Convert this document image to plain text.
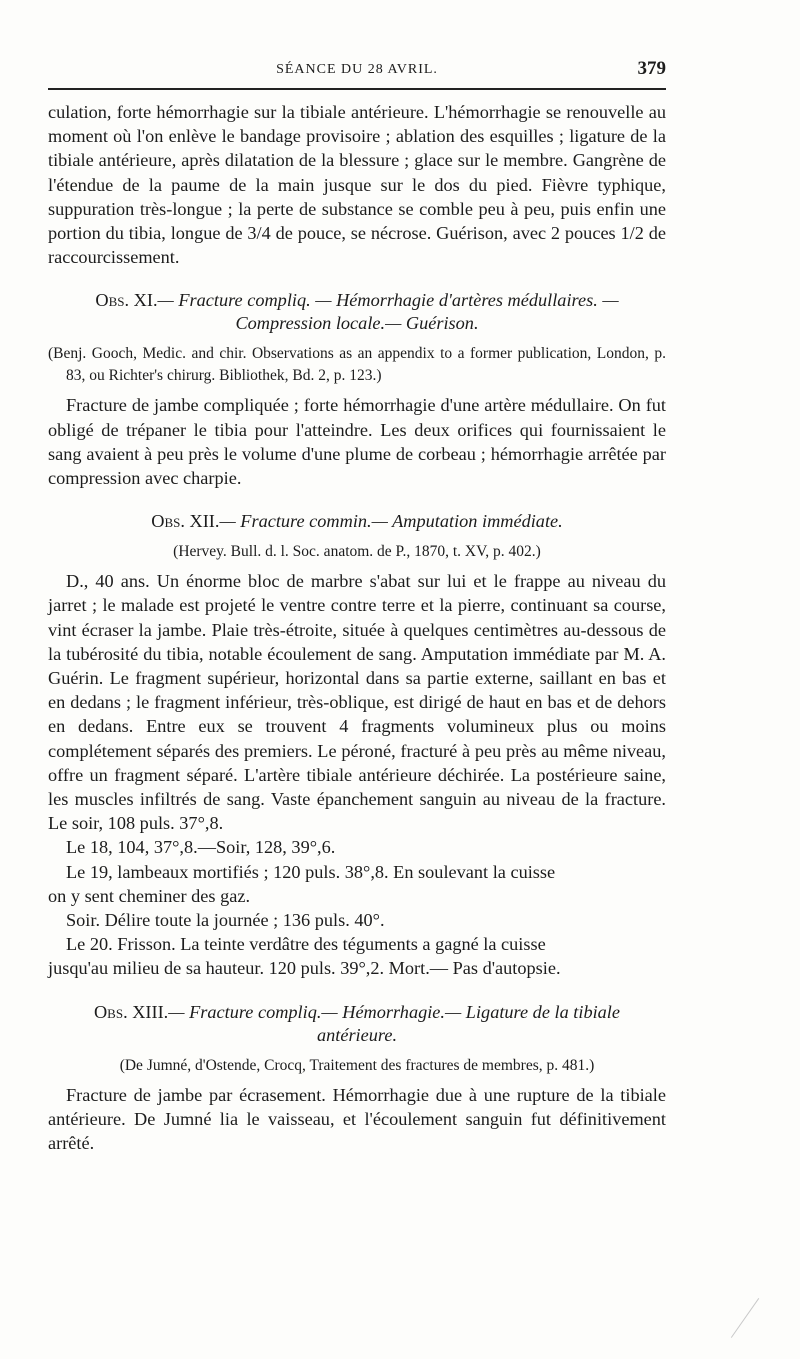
SÉANCE DU 28 AVRIL.	379

culation, forte hémorrhagie sur la tibiale antérieure. L'hémorrhagie se renouvelle au moment où l'on enlève le bandage provisoire ; ablation des esquilles ; ligature de la tibiale antérieure, après dilatation de la blessure ; glace sur le membre. Gangrène de l'étendue de la paume de la main jusque sur le dos du pied. Fièvre typhique, suppuration très-longue ; la perte de substance se comble peu à peu, puis enfin une portion du tibia, longue de 3/4 de pouce, se nécrose. Guérison, avec 2 pouces 1/2 de raccourcissement.

Obs. XI.— Fracture compliq. — Hémorrhagie d'artères médullaires. —
Compression locale.— Guérison.

(Benj. Gooch, Medic. and chir. Observations as an appendix to a former publication, London, p. 83, ou Richter's chirurg. Bibliothek, Bd. 2, p. 123.)

Fracture de jambe compliquée ; forte hémorrhagie d'une artère médullaire. On fut obligé de trépaner le tibia pour l'atteindre. Les deux orifices qui fournissaient le sang avaient à peu près le volume d'une plume de corbeau ; hémorrhagie arrêtée par compression avec charpie.

Obs. XII.— Fracture commin.— Amputation immédiate.

(Hervey. Bull. d. l. Soc. anatom. de P., 1870, t. XV, p. 402.)

D., 40 ans. Un énorme bloc de marbre s'abat sur lui et le frappe au niveau du jarret ; le malade est projeté le ventre contre terre et la pierre, continuant sa course, vint écraser la jambe. Plaie très-étroite, située à quelques centimètres au-dessous de la tubérosité du tibia, notable écoulement de sang. Amputation immédiate par M. A. Guérin. Le fragment supérieur, horizontal dans sa partie externe, saillant en bas et en dedans ; le fragment inférieur, très-oblique, est dirigé de haut en bas et de dehors en dedans. Entre eux se trouvent 4 fragments volumineux plus ou moins complétement séparés des premiers. Le péroné, fracturé à peu près au même niveau, offre un fragment séparé. L'artère tibiale antérieure déchirée. La postérieure saine, les muscles infiltrés de sang. Vaste épanchement sanguin au niveau de la fracture. Le soir, 108 puls. 37°,8.

Le 18, 104, 37°,8.—Soir, 128, 39°,6.
Le 19, lambeaux mortifiés ; 120 puls. 38°,8. En soulevant la cuisse
on y sent cheminer des gaz.
Soir. Délire toute la journée ; 136 puls. 40°.
Le 20. Frisson. La teinte verdâtre des téguments a gagné la cuisse
jusqu'au milieu de sa hauteur. 120 puls. 39°,2. Mort.— Pas d'autopsie.
Obs. XIII.— Fracture compliq.— Hémorrhagie.— Ligature de la tibiale
antérieure.

(De Jumné, d'Ostende, Crocq, Traitement des fractures de membres, p. 481.)

Fracture de jambe par écrasement. Hémorrhagie due à une rupture de la tibiale antérieure. De Jumné lia le vaisseau, et l'écoulement sanguin fut définitivement arrêté.
